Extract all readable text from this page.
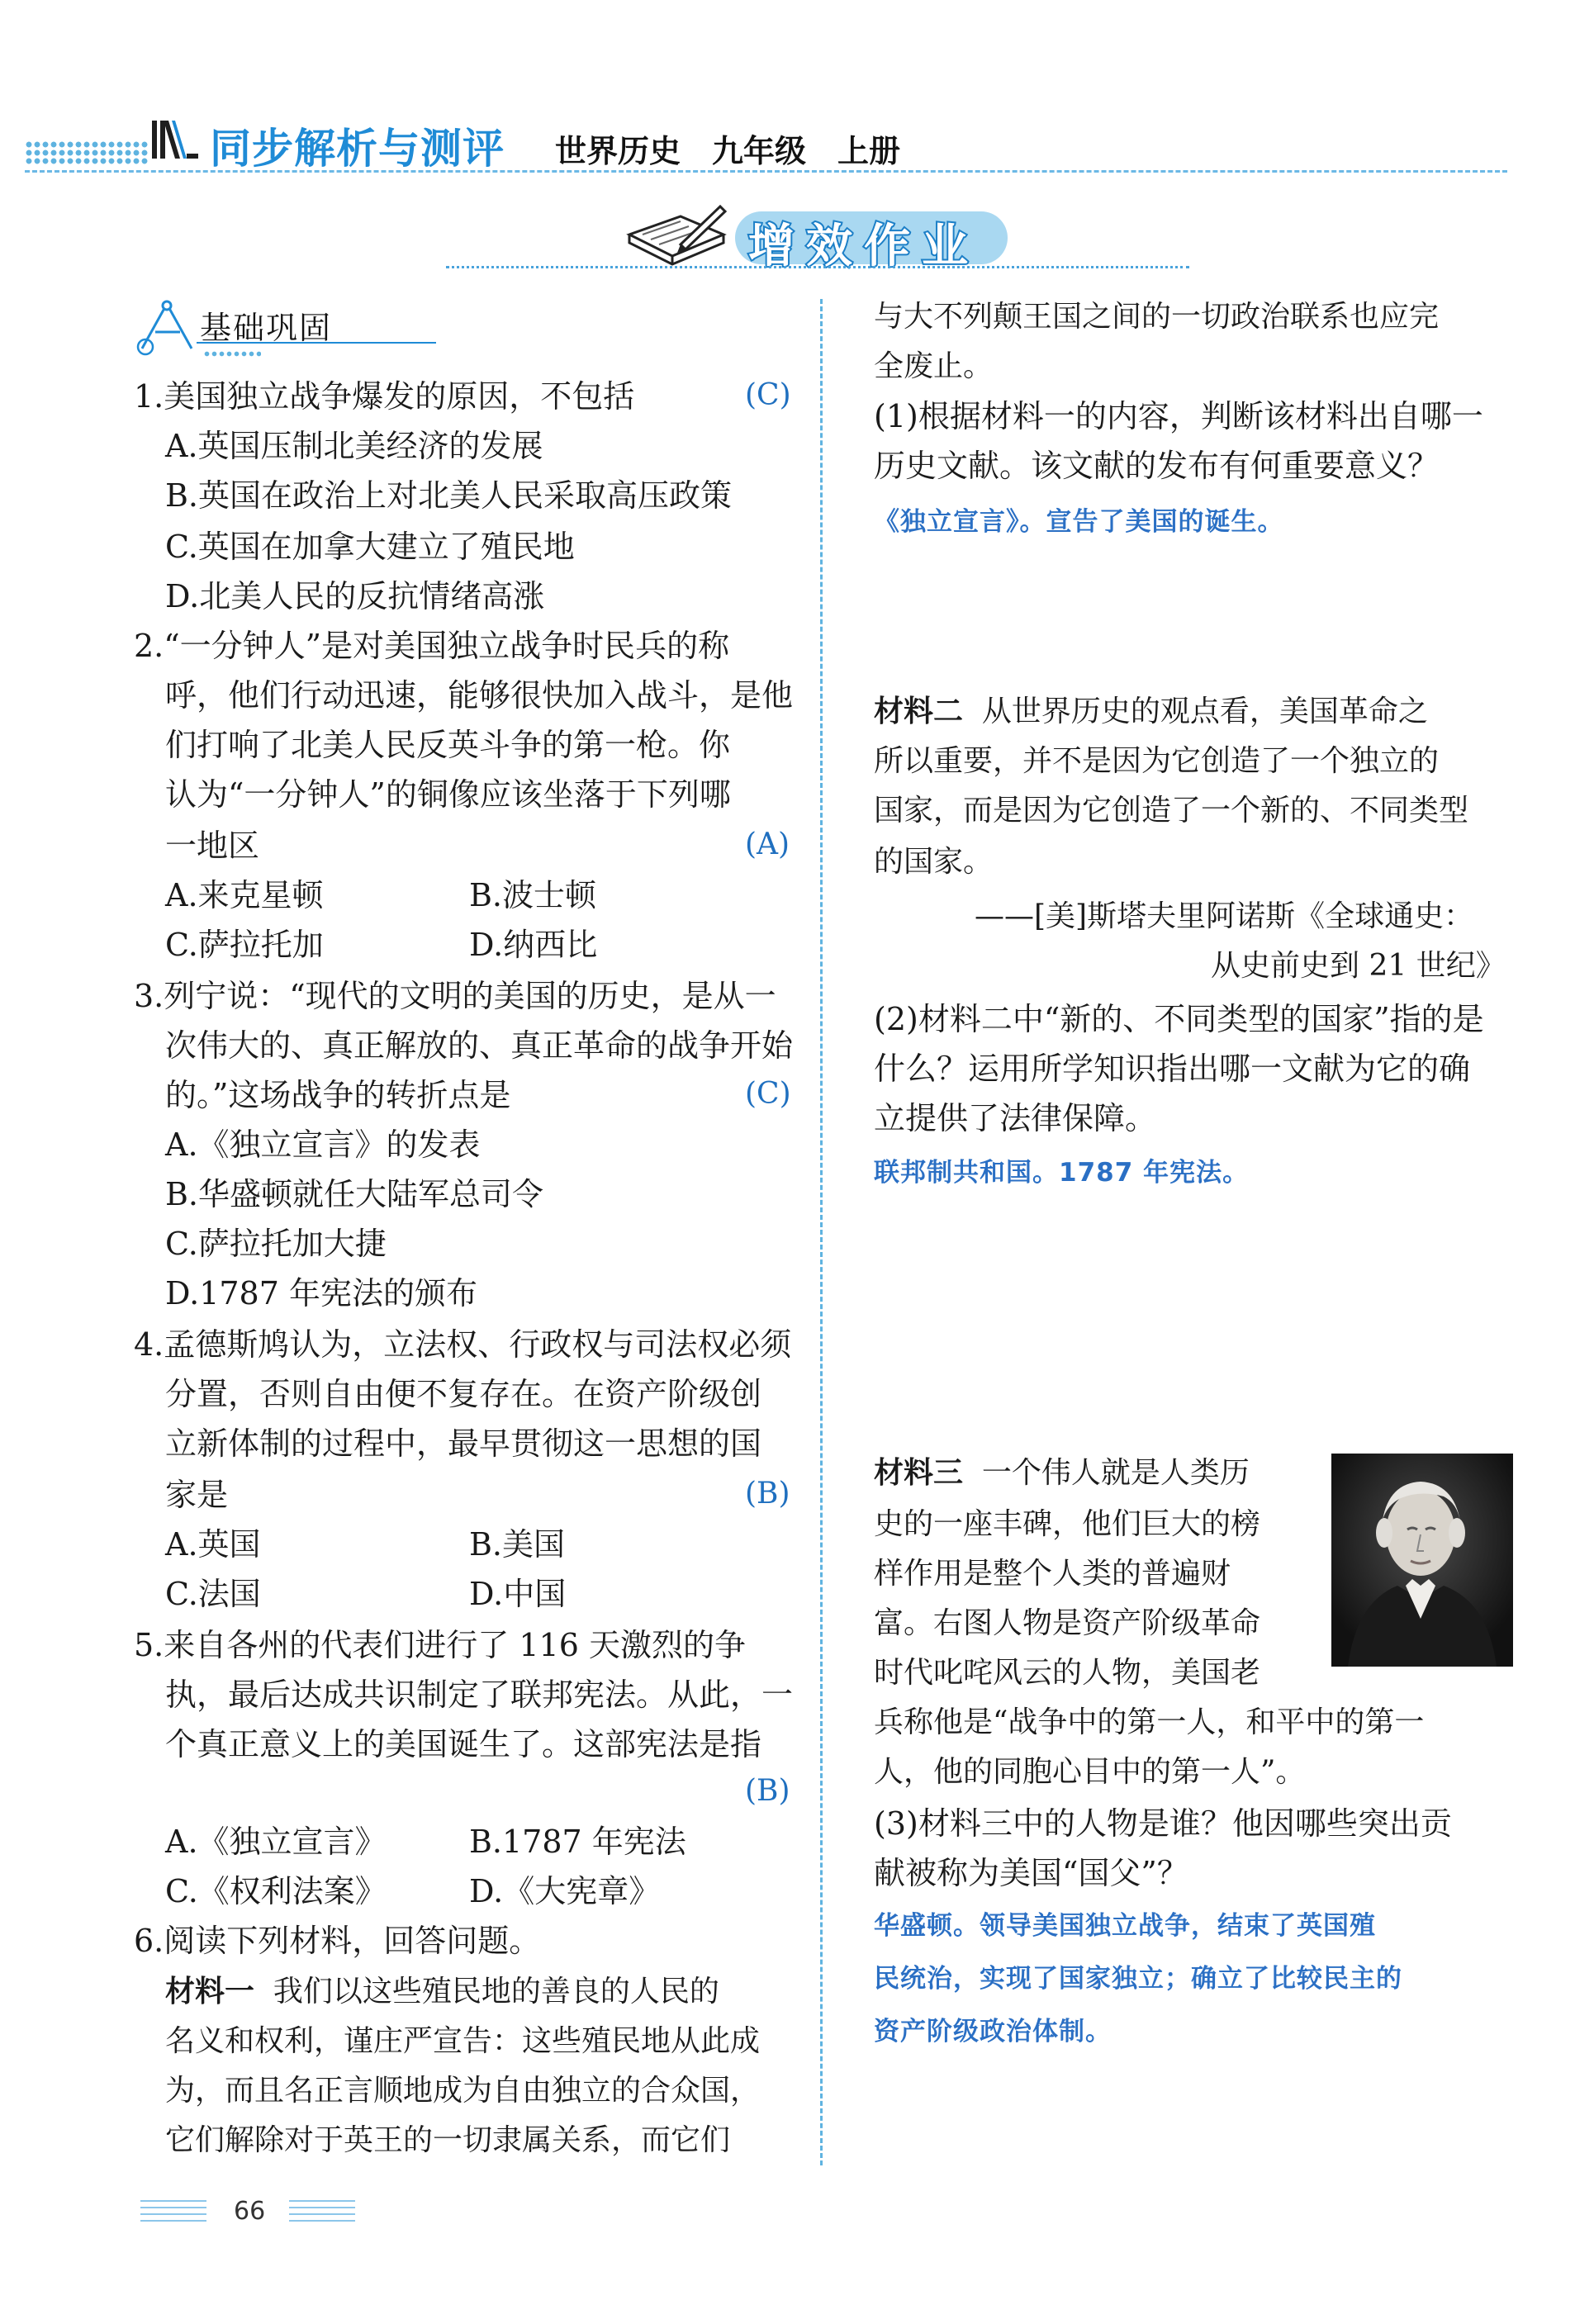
同步解析与测评 世界历史　九年级　上册
增效作业
基础巩固
1.美国独立战争爆发的原因，不包括	(C)
A.英国压制北美经济的发展
B.英国在政治上对北美人民采取高压政策
C.英国在加拿大建立了殖民地
D.北美人民的反抗情绪高涨
2.“一分钟人”是对美国独立战争时民兵的称
呼，他们行动迅速，能够很快加入战斗，是他
们打响了北美人民反英斗争的第一枪。你
认为“一分钟人”的铜像应该坐落于下列哪
一地区	(A)
A.来克星顿	B.波士顿
C.萨拉托加	D.纳西比
3.列宁说：“现代的文明的美国的历史，是从一
次伟大的、真正解放的、真正革命的战争开始
的。”这场战争的转折点是	(C)
A.《独立宣言》的发表
B.华盛顿就任大陆军总司令
C.萨拉托加大捷
D.1787 年宪法的颁布
4.孟德斯鸠认为，立法权、行政权与司法权必须
分置，否则自由便不复存在。在资产阶级创
立新体制的过程中，最早贯彻这一思想的国
家是	(B)
A.英国	B.美国
C.法国	D.中国
5.来自各州的代表们进行了 116 天激烈的争
执，最后达成共识制定了联邦宪法。从此，一
个真正意义上的美国诞生了。这部宪法是指
(B)
A.《独立宣言》	B.1787 年宪法
C.《权利法案》	D.《大宪章》
6.阅读下列材料，回答问题。
材料一 我们以这些殖民地的善良的人民的
名义和权利，谨庄严宣告：这些殖民地从此成
为，而且名正言顺地成为自由独立的合众国，
它们解除对于英王的一切隶属关系，而它们
与大不列颠王国之间的一切政治联系也应完
全废止。
(1)根据材料一的内容，判断该材料出自哪一
历史文献。该文献的发布有何重要意义？
《独立宣言》。宣告了美国的诞生。
材料二 从世界历史的观点看，美国革命之
所以重要，并不是因为它创造了一个独立的
国家，而是因为它创造了一个新的、不同类型
的国家。
——[美]斯塔夫里阿诺斯《全球通史：
从史前史到 21 世纪》
(2)材料二中“新的、不同类型的国家”指的是
什么？运用所学知识指出哪一文献为它的确
立提供了法律保障。
联邦制共和国。1787 年宪法。
材料三 一个伟人就是人类历
史的一座丰碑，他们巨大的榜
样作用是整个人类的普遍财
富。右图人物是资产阶级革命
时代叱咤风云的人物，美国老
兵称他是“战争中的第一人，和平中的第一
人，他的同胞心目中的第一人”。
(3)材料三中的人物是谁？他因哪些突出贡
献被称为美国“国父”？
华盛顿。领导美国独立战争，结束了英国殖
民统治，实现了国家独立；确立了比较民主的
资产阶级政治体制。
66
